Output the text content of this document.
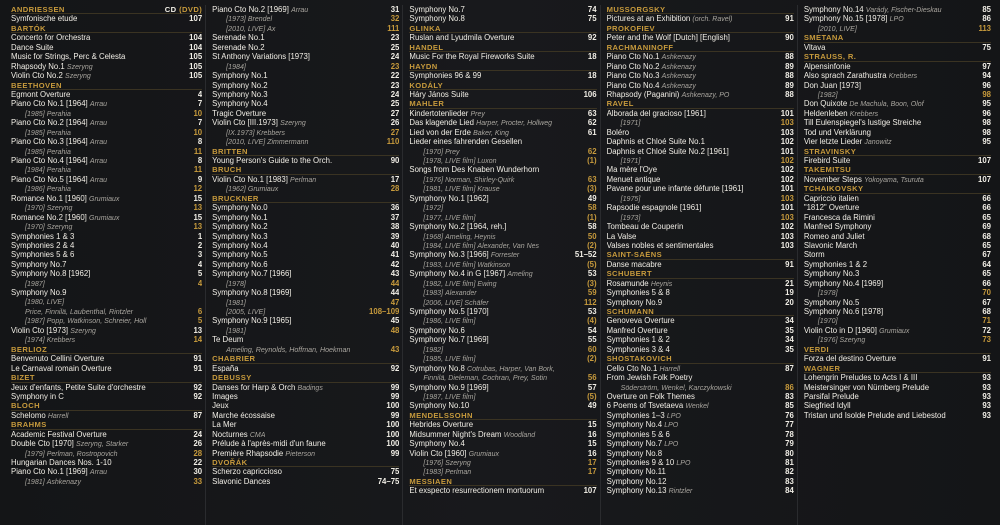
ANDRIESSEN	CD (DVD)
Symfonische etude	107
BARTÓK
Concerto for Orchestra	104
Dance Suite	104
Music for Strings, Perc & Celesta	105
Rhapsody No.1 Szeryng	105
Violin Cto No.2 Szeryng	105
BEETHOVEN
Egmont Overture	4
Piano Cto No.1 [1964] Arrau	7
[1985] Perahia	10
Piano Cto No.2 [1964] Arrau	7
[1985] Perahia	10
Piano Cto No.3 [1964] Arrau	8
[1985] Perahia	11
Piano Cto No.4 [1964] Arrau	8
[1984] Perahia	11
Piano Cto No.5 [1964] Arrau	9
[1986] Perahia	12
Romance No.1 [1960] Grumiaux	15
[1970] Szeryng	13
Romance No.2 [1960] Grumiaux	15
[1970] Szeryng	13
Symphonies 1 & 3	1
Symphonies 2 & 4	2
Symphonies 5 & 6	3
Symphony No.7	4
Symphony No.8 [1962]	5
[1987]	4
Symphony No.9
[1980, LIVE]
Price, Finnilä, Laubenthal, Rintzler	6
[1987] Popp, Watkinson, Schreier, Holl	5
Violin Cto [1973] Szeryng	13
[1974] Krebbers	14
BERLIOZ
Benvenuto Cellini Overture	91
Le Carnaval romain Overture	91
BIZET
Jeux d'enfants, Petite Suite d'orchestre	92
Symphony in C	92
BLOCH
Schelomo Harrell	87
BRAHMS
Academic Festival Overture	24
Double Cto [1970] Szeryng, Starker	26
[1979] Perlman, Rostropovich	28
Hungarian Dances Nos. 1-10	22
Piano Cto No.1 [1969] Arrau	30
[1981] Ashkenazy	33
Piano Cto No.2 [1969] Arrau	31
[1973] Brendel	32
[2010, LIVE] Ax	111
Serenade No.1	23
Serenade No.2	25
St Anthony Variations [1973]	24
[1984]	23
Symphony No.1	22
Symphony No.2	23
Symphony No.3	24
Symphony No.4	25
Tragic Overture	27
Violin Cto [III.1973] Szeryng	26
[IX.1973] Krebbers	27
[2010, LIVE] Zimmermann	110
BRITTEN
Young Person's Guide to the Orch.	90
BRUCH
Violin Cto No.1 [1983] Perlman	17
[1962] Grumiaux	28
BRUCKNER
Symphony No.0	36
Symphony No.1	37
Symphony No.2	38
Symphony No.3	39
Symphony No.4	40
Symphony No.5	41
Symphony No.6	42
Symphony No.7 [1966]	43
[1978]	44
Symphony No.8 [1969]	44
[1981]	47
[2005, LIVE]	108–109
Symphony No.9 [1965]	45
[1981]	48
Te Deum
Ameling, Reynolds, Hoffman, Hoekman	43
CHABRIER
España	92
DEBUSSY
Danses for Harp & Orch Badings	99
Images	99
Jeux	100
Marche écossaise	99
La Mer	100
Nocturnes CMA	100
Prélude à l'après-midi d'un faune	100
Première Rhapsodie Pieterson	99
DVOŘÁK
Scherzo capriccioso	75
Slavonic Dances	74–75
Symphony No.7	74
Symphony No.8	75
GLINKA
Ruslan and Lyudmila Overture	92
HANDEL
Music For the Royal Fireworks Suite	18
HAYDN
Symphonies 96 & 99	18
KODÁLY
Háry János Suite	106
MAHLER
Kindertotenlieder Prey	63
Das klagende Lied Harper, Procter, Hollweg	62
Lied von der Erde Baker, King	61
Lieder eines fahrenden Gesellen
[1970] Prey	62
[1978, LIVE film] Luxon	(1)
Songs from Des Knaben Wunderhorn
[1976] Norman, Shirley-Quirk	63
[1981, LIVE film] Krause	(3)
Symphony No.1 [1962]	49
[1972]	58
[1977, LIVE film]	(1)
Symphony No.2 [1964, reh.]	58
[1968] Ameling, Heynis	50
[1984, LIVE film] Alexander, Van Nes	(2)
Symphony No.3 [1966] Forrester	51–52
[1983, LIVE film] Watkinson	(5)
Symphony No.4 in G [1967] Ameling	53
[1982, LIVE film] Ewing	(3)
[1983] Alexander	59
[2006, LIVE] Schäfer	112
Symphony No.5 [1970]	53
[1986, LIVE film]	(4)
Symphony No.6	54
Symphony No.7 [1969]	55
[1982]	60
[1985, LIVE film]	(2)
Symphony No.8 Cotrubas, Harper, Van Bork,
Finnilä, Dieleman, Cochran, Prey, Sotin	56
Symphony No.9 [1969]	57
[1987, LIVE film]	(5)
Symphony No.10	49
MENDELSSOHN
Hebrides Overture	15
Midsummer Night's Dream Woodland	16
Symphony No.4	15
Violin Cto [1960] Grumiaux	16
[1976] Szeryng	17
[1983] Perlman	17
MESSIAEN
Et exspecto resurrectionem mortuorum	107
MUSSORGSKY
Pictures at an Exhibition (orch. Ravel)	91
PROKOFIEV
Peter and the Wolf [Dutch] [English]	90
RACHMANINOFF
Piano Cto No.1 Ashkenazy	88
Piano Cto No.2 Ashkenazy	89
Piano Cto No.3 Ashkenazy	88
Piano Cto No.4 Ashkenazy	89
Rhapsody (Paganini) Ashkenazy, PO	88
RAVEL
Alborada del gracioso [1961]	101
[1971]	103
Boléro	103
Daphnis et Chloé Suite No.1	102
Daphnis et Chloé Suite No.2 [1961]	101
[1971]	102
Ma mère l'Oye	102
Menuet antique	102
Pavane pour une infante défunte [1961]	101
[1975]	103
Rapsodie espagnole [1961]	101
[1973]	103
Tombeau de Couperin	102
La Valse	103
Valses nobles et sentimentales	103
SAINT-SAËNS
Danse macabre	91
SCHUBERT
Rosamunde Heynis	21
Symphonies 5 & 8	19
Symphony No.9	20
SCHUMANN
Genoveva Overture	34
Manfred Overture	35
Symphonies 1 & 2	34
Symphonies 3 & 4	35
SHOSTAKOVICH
Cello Cto No.1 Harrell	87
From Jewish Folk Poetry
Söderström, Wenkel, Karczykowski	86
Overture on Folk Themes	83
6 Poems of Tsvetaeva Wenkel	85
Symphonies 1–3 LPO	76
Symphony No.4 LPO	77
Symphonies 5 & 6	78
Symphony No.7 LPO	79
Symphony No.8	80
Symphonies 9 & 10 LPO	81
Symphony No.11	82
Symphony No.12	83
Symphony No.13 Rintzler	84
Symphony No.14 Varády, Fischer-Dieskau	85
Symphony No.15 [1978] LPO	86
[2010, LIVE]	113
SMETANA
Vltava	75
STRAUSS, R.
Alpensinfonie	97
Also sprach Zarathustra Krebbers	94
Don Juan [1973]	96
[1982]	98
Don Quixote De Machula, Boon, Olof	95
Heldenleben Krebbers	96
Till Eulenspiegel's lustige Streiche	98
Tod und Verklärung	98
Vier letzte Lieder Janowitz	95
STRAVINSKY
Firebird Suite	107
TAKEMITSU
November Steps Yokoyama, Tsuruta	107
TCHAIKOVSKY
Capriccio italien	66
"1812" Overture	66
Francesca da Rimini	65
Manfred Symphony	69
Romeo and Juliet	68
Slavonic March	65
Storm	67
Symphonies 1 & 2	64
Symphony No.3	65
Symphony No.4 [1969]	66
[1978]	70
Symphony No.5	67
Symphony No.6 [1978]	68
[1970]	71
Violin Cto in D [1960] Grumiaux	72
[1976] Szeryng	73
VERDI
Forza del destino Overture	91
WAGNER
Lohengrin Preludes to Acts I & III	93
Meistersinger von Nürnberg Prelude	93
Parsifal Prelude	93
Siegfried Idyll	93
Tristan und Isolde Prelude and Liebestod	93
